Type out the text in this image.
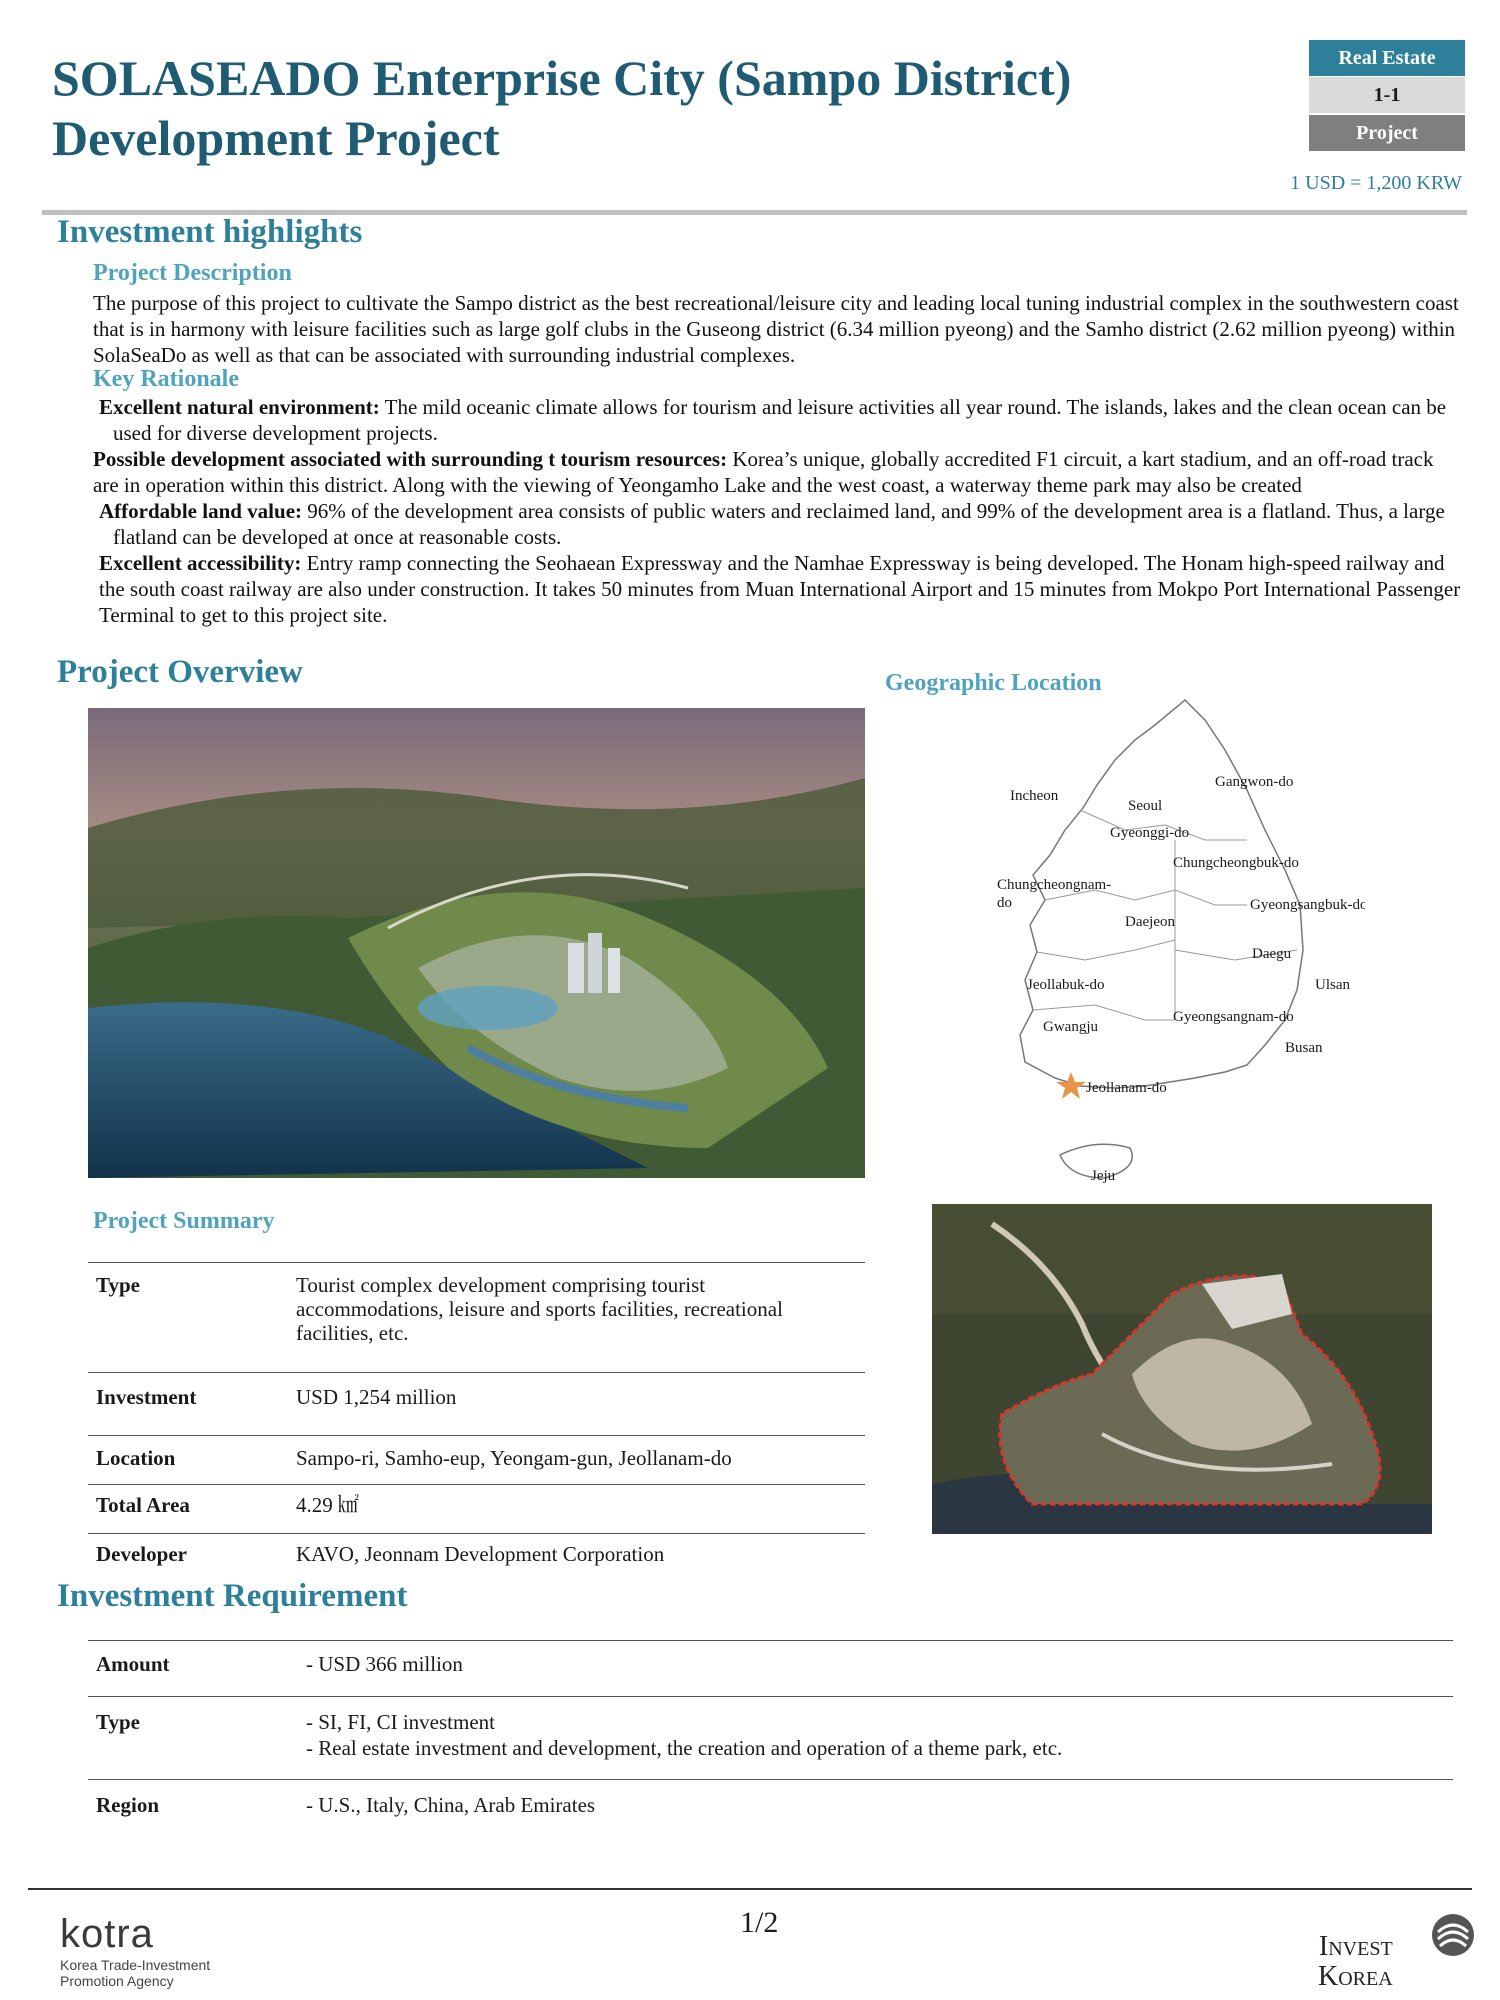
SOLASEADO Enterprise City (Sampo District) Development Project
Real Estate
1-1
Project
1 USD = 1,200 KRW
Investment highlights
Project Description
The purpose of this project to cultivate the Sampo district as the best recreational/leisure city and leading local tuning industrial complex in the southwestern coast that is in harmony with leisure facilities such as large golf clubs in the Guseong district (6.34 million pyeong) and the Samho district (2.62 million pyeong) within SolaSeaDo as well as that can be associated with surrounding industrial complexes.
Key Rationale

Excellent natural environment: The mild oceanic climate allows for tourism and leisure activities all year round. The islands, lakes and the clean ocean can be used for diverse development projects.

Possible development associated with surrounding t tourism resources: Korea’s unique, globally accredited F1 circuit, a kart stadium, and an off-road track are in operation within this district. Along with the viewing of Yeongamho Lake and the west coast, a waterway theme park may also be created

Affordable land value: 96% of the development area consists of public waters and reclaimed land, and 99% of the development area is a flatland. Thus, a large flatland can be developed at once at reasonable costs.

Excellent accessibility: Entry ramp connecting the Seohaean Expressway and the Namhae Expressway is being developed. The Honam high-speed railway and the south coast railway are also under construction. It takes 50 minutes from Muan International Airport and 15 minutes from Mokpo Port International Passenger Terminal to get to this project site.

Project Overview	Geographic Location
Incheon
Seoul
Gangwon-do
Gyeonggi-do
Chungcheongbuk-do
Chungcheongnam-
do	Gyeongsangbuk-do
Daejeon
Daegu
Jeollabuk-do	Ulsan
Gwangju
Gyeongsangnam-do
Busan
Jeollanam-do
Jeju
Project Summary
Type	Tourist complex development comprising tourist accommodations, leisure and sports facilities, recreational facilities, etc.
Investment	USD 1,254 million
Location	Sampo-ri, Samho-eup, Yeongam-gun, Jeollanam-do
Total Area	4.29 ㎢
Developer	KAVO, Jeonnam Development Corporation
Investment Requirement
Amount	- USD 366 million

Type	- SI, FI, CI investment
- Real estate investment and development, the creation and operation of a theme park, etc.

Region	- U.S., Italy, China, Arab Emirates
1/2
kotra
Korea Trade-Investment
Promotion Agency
Invest
Korea
